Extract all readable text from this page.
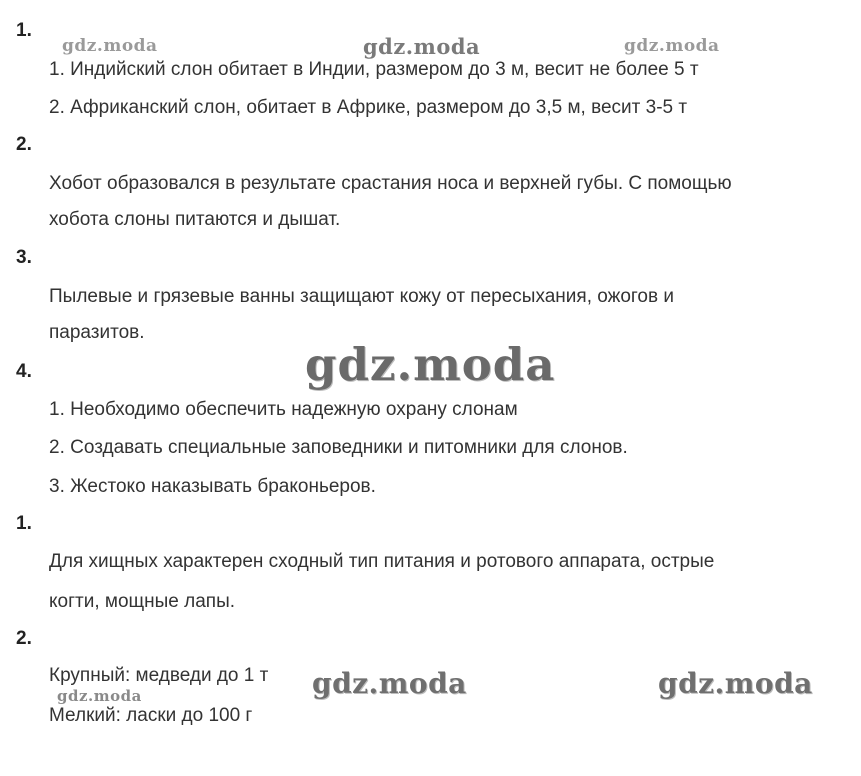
1.
1. Индийский слон обитает в Индии, размером до 3 м, весит не более 5 т
2. Африканский слон, обитает в Африке, размером до 3,5 м, весит 3-5 т
2.
Хобот образовался в результате срастания носа и верхней губы. С помощью
хобота слоны питаются и дышат.
3.
Пылевые и грязевые ванны защищают кожу от пересыхания, ожогов и
паразитов.
4.
1. Необходимо обеспечить надежную охрану слонам
2. Создавать специальные заповедники и питомники для слонов.
3. Жестоко наказывать браконьеров.
1.
Для хищных характерен сходный тип питания и ротового аппарата, острые
когти, мощные лапы.
2.
Крупный: медведи до 1 т
Мелкий: ласки до 100 г
gdz.moda	gdz.moda	gdz.moda
gdz.moda
gdz.moda	gdz.moda
gdz.moda
